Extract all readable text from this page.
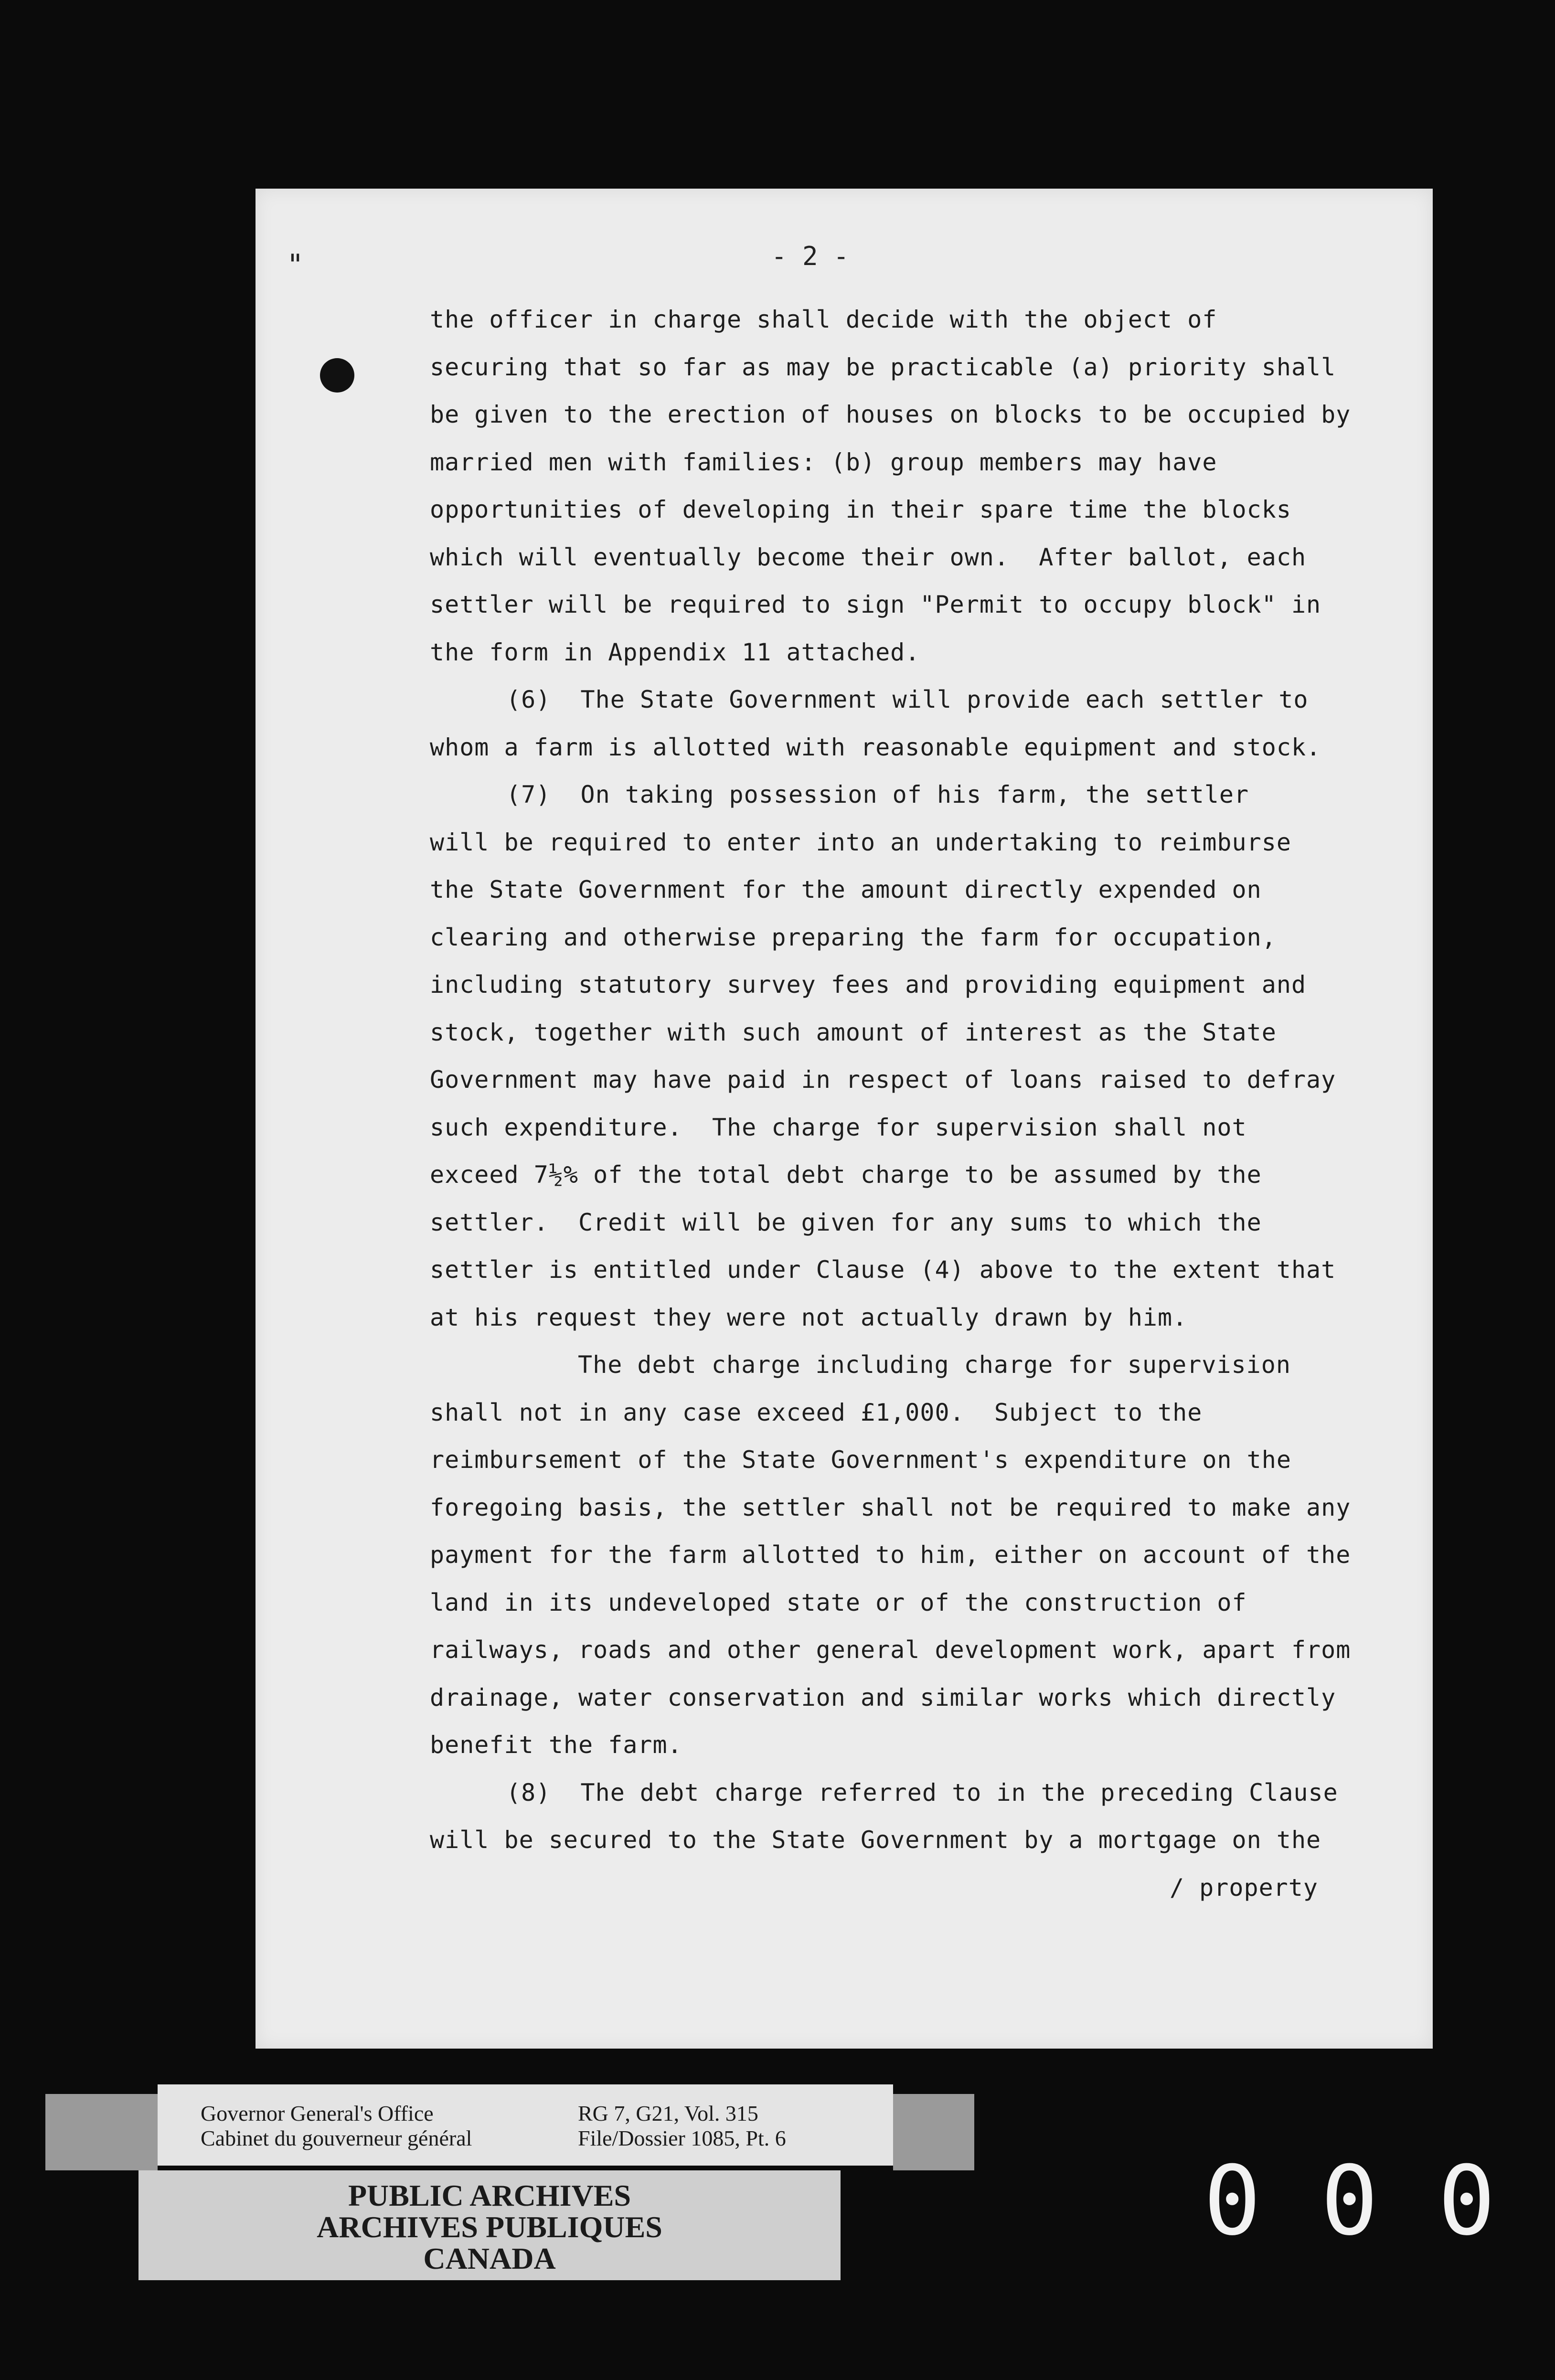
"	- 2 -
the officer in charge shall decide with the object of
securing that so far as may be practicable (a) priority shall
be given to the erection of houses on blocks to be occupied by
married men with families: (b) group members may have
opportunities of developing in their spare time the blocks
which will eventually become their own.  After ballot, each
settler will be required to sign "Permit to occupy block" in
the form in Appendix 11 attached.
(6)  The State Government will provide each settler to
whom a farm is allotted with reasonable equipment and stock.
(7)  On taking possession of his farm, the settler
will be required to enter into an undertaking to reimburse
the State Government for the amount directly expended on
clearing and otherwise preparing the farm for occupation,
including statutory survey fees and providing equipment and
stock, together with such amount of interest as the State
Government may have paid in respect of loans raised to defray
such expenditure.  The charge for supervision shall not
exceed 7½% of the total debt charge to be assumed by the
settler.  Credit will be given for any sums to which the
settler is entitled under Clause (4) above to the extent that
at his request they were not actually drawn by him.
The debt charge including charge for supervision
shall not in any case exceed £1,000.  Subject to the
reimbursement of the State Government's expenditure on the
foregoing basis, the settler shall not be required to make any
payment for the farm allotted to him, either on account of the
land in its undeveloped state or of the construction of
railways, roads and other general development work, apart from
drainage, water conservation and similar works which directly
benefit the farm.
(8)  The debt charge referred to in the preceding Clause
will be secured to the State Government by a mortgage on the
/ property
Governor General's Office
Cabinet du gouverneur général
RG 7, G21, Vol. 315
File/Dossier 1085, Pt. 6
PUBLIC ARCHIVES
ARCHIVES PUBLIQUES
CANADA
000
